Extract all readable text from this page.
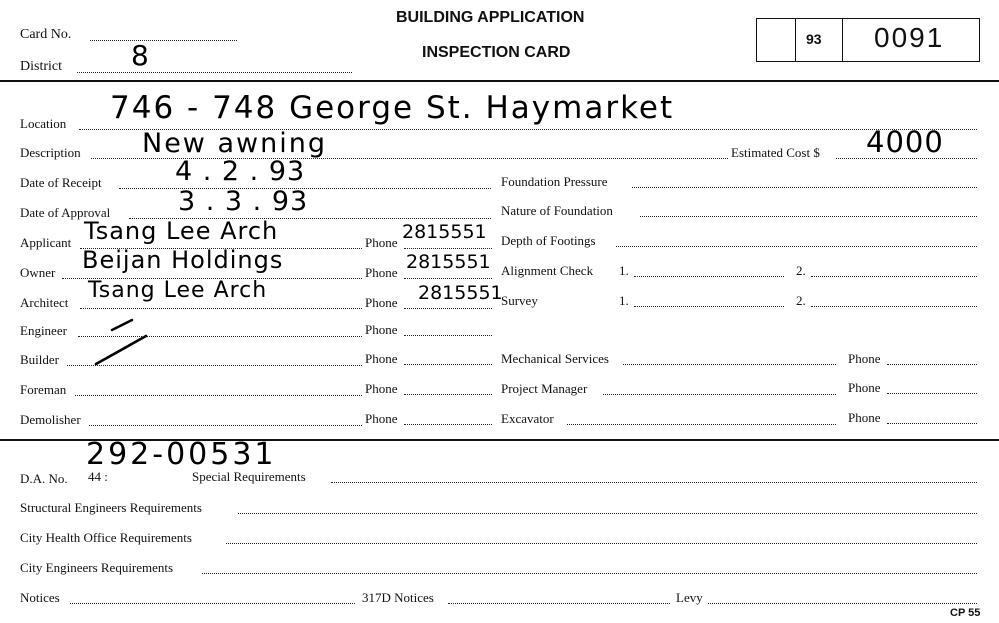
Card No.
District 8
BUILDING APPLICATION
INSPECTION CARD
93 0091
Location 746 - 748 George St. Haymarket
Description New awning	Estimated Cost $ 4000
Date of Receipt	4 . 2 . 93	Foundation Pressure
Date of Approval	3 . 3 . 93	Nature of Foundation
Applicant Tsang Lee Arch	Phone 2815551 Depth of Footings
Owner Beijan Holdings	Phone 2815551 Alignment Check 1.	2.
Architect Tsang Lee Arch	Phone 2815551
Survey	1.	2.
Engineer	Phone
Builder	Phone	Mechanical Services	Phone
Foreman	Phone	Project Manager	Phone
Demolisher	Phone	Excavator	Phone
292-00531
D.A. No. 44 :	Special Requirements
Structural Engineers Requirements
City Health Office Requirements
City Engineers Requirements
Notices	317D Notices	Levy
CP 55
